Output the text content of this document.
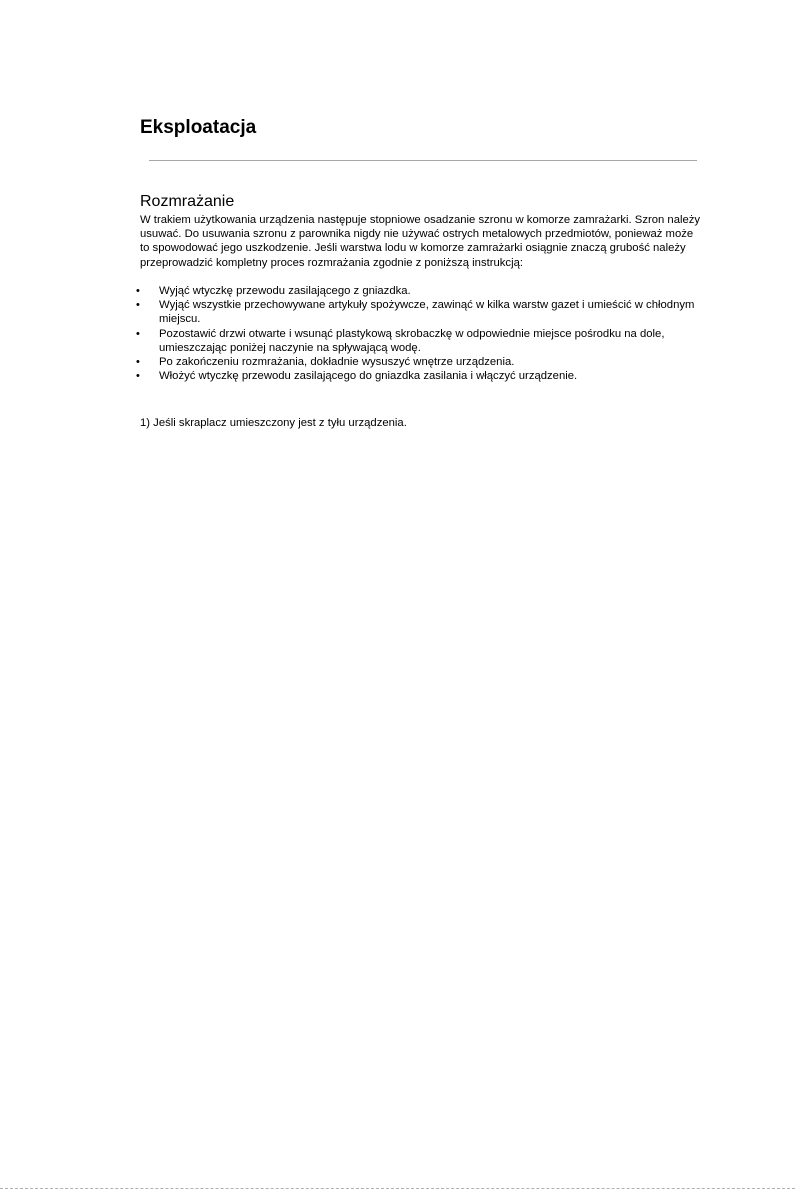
Eksploatacja
Rozmrażanie

W trakiem użytkowania urządzenia następuje stopniowe osadzanie szronu w komorze zamrażarki. Szron należy usuwać. Do usuwania szronu z parownika nigdy nie używać ostrych metalowych przedmiotów, ponieważ może to spowodować jego uszkodzenie. Jeśli warstwa lodu w komorze zamrażarki osiągnie znaczą grubość należy przeprowadzić kompletny proces rozmrażania zgodnie z poniższą instrukcją:

• Wyjąć wtyczkę przewodu zasilającego z gniazdka.
• Wyjąć wszystkie przechowywane artykuły spożywcze, zawinąć w kilka warstw gazet i umieścić w chłodnym miejscu.
• Pozostawić drzwi otwarte i wsunąć plastykową skrobaczkę w odpowiednie miejsce pośrodku na dole, umieszczając poniżej naczynie na spływającą wodę.
• Po zakończeniu rozmrażania, dokładnie wysuszyć wnętrze urządzenia.
• Włożyć wtyczkę przewodu zasilającego do gniazdka zasilania i włączyć urządzenie.

1) Jeśli skraplacz umieszczony jest z tyłu urządzenia.
